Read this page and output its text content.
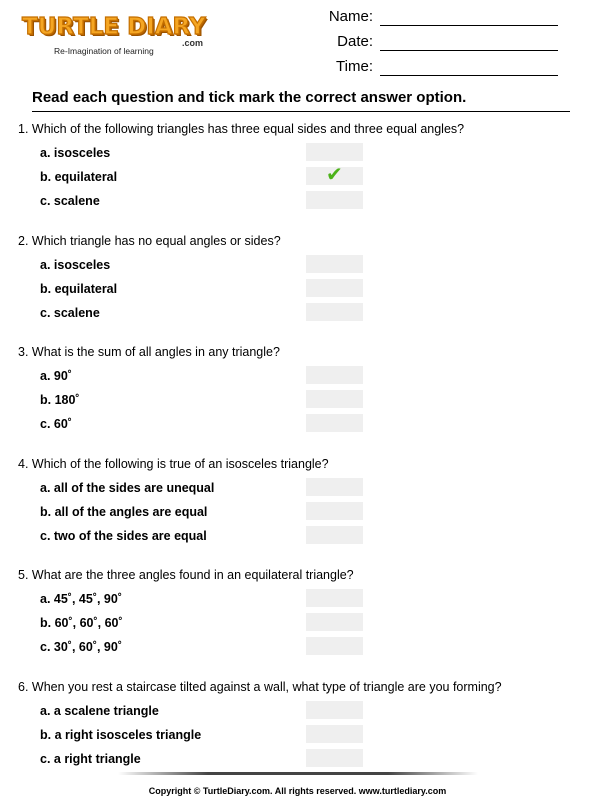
TURTLE DIARY
.com
Re-Imagination of learning
Name:
Date:
Time:
Read each question and tick mark the correct answer option.
1. Which of the following triangles has three equal sides and three equal angles?
a. isosceles
b. equilateral	✔
c. scalene
2. Which triangle has no equal angles or sides?
a. isosceles
b. equilateral
c. scalene
3. What is the sum of all angles in any triangle?
a. 90˚
b. 180˚
c. 60˚
4. Which of the following is true of an isosceles triangle?
a. all of the sides are unequal
b. all of the angles are equal
c. two of the sides are equal
5. What are the three angles found in an equilateral triangle?
a. 45˚, 45˚, 90˚
b. 60˚, 60˚, 60˚
c. 30˚, 60˚, 90˚
6. When you rest a staircase tilted against a wall, what type of triangle are you forming?
a. a scalene triangle
b. a right isosceles triangle
c. a right triangle
Copyright © TurtleDiary.com. All rights reserved. www.turtlediary.com
